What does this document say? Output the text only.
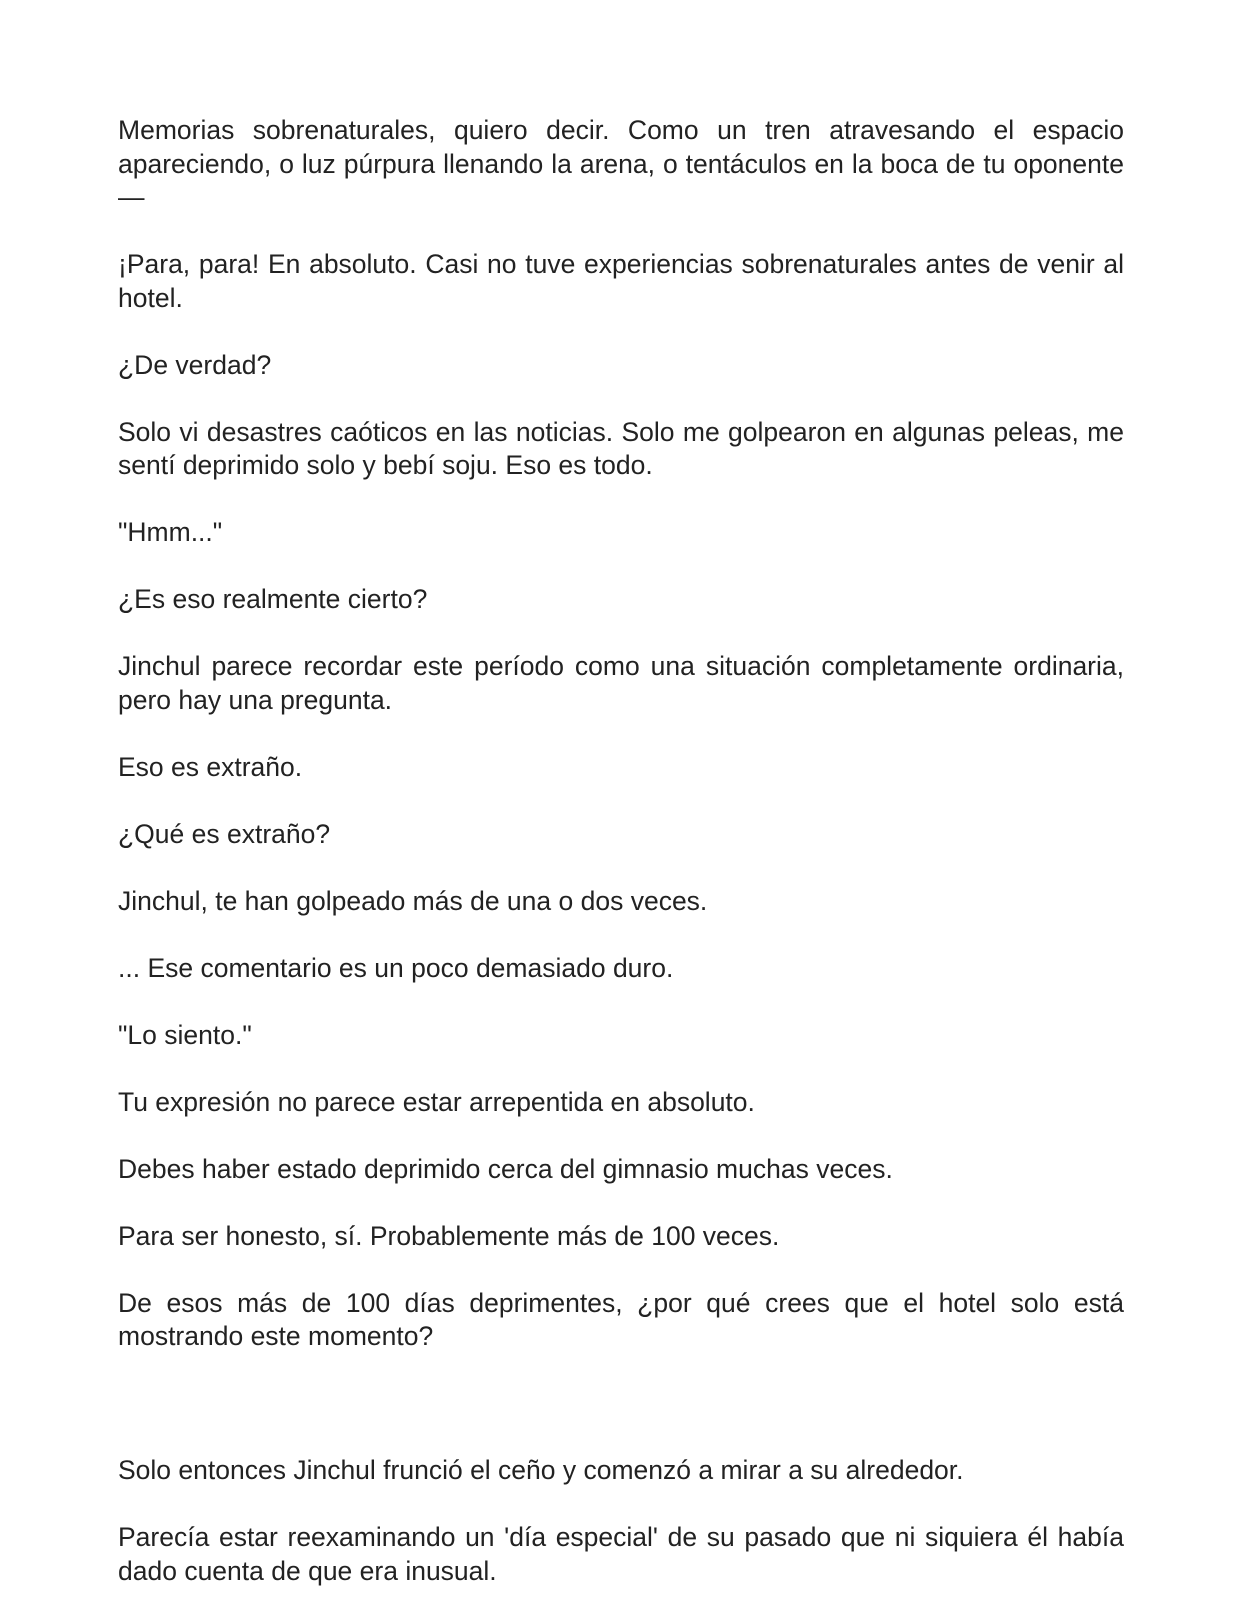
Memorias sobrenaturales, quiero decir. Como un tren atravesando el espacio apareciendo, o luz púrpura llenando la arena, o tentáculos en la boca de tu oponente—

¡Para, para! En absoluto. Casi no tuve experiencias sobrenaturales antes de venir al hotel.

¿De verdad?

Solo vi desastres caóticos en las noticias. Solo me golpearon en algunas peleas, me sentí deprimido solo y bebí soju. Eso es todo.

"Hmm..."

¿Es eso realmente cierto?

Jinchul parece recordar este período como una situación completamente ordinaria, pero hay una pregunta.

Eso es extraño.

¿Qué es extraño?

Jinchul, te han golpeado más de una o dos veces.

... Ese comentario es un poco demasiado duro.

"Lo siento."

Tu expresión no parece estar arrepentida en absoluto.

Debes haber estado deprimido cerca del gimnasio muchas veces.

Para ser honesto, sí. Probablemente más de 100 veces.

De esos más de 100 días deprimentes, ¿por qué crees que el hotel solo está mostrando este momento?

Solo entonces Jinchul frunció el ceño y comenzó a mirar a su alrededor.

Parecía estar reexaminando un 'día especial' de su pasado que ni siquiera él había dado cuenta de que era inusual.
